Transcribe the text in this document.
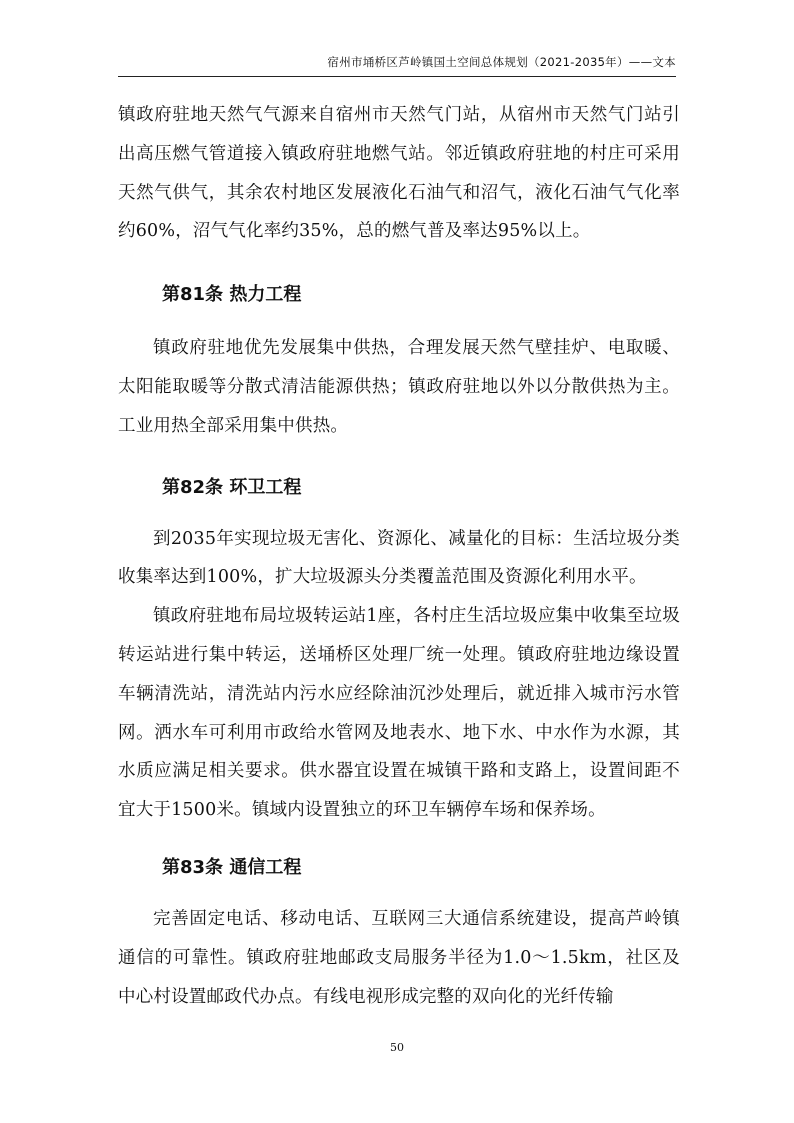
宿州市埇桥区芦岭镇国土空间总体规划（2021-2035年）——文本

镇政府驻地天然气气源来自宿州市天然气门站，从宿州市天然气门站引出高压燃气管道接入镇政府驻地燃气站。邻近镇政府驻地的村庄可采用天然气供气，其余农村地区发展液化石油气和沼气，液化石油气气化率约60%，沼气气化率约35%，总的燃气普及率达95%以上。

第81条 热力工程

镇政府驻地优先发展集中供热，合理发展天然气壁挂炉、电取暖、太阳能取暖等分散式清洁能源供热；镇政府驻地以外以分散供热为主。工业用热全部采用集中供热。

第82条 环卫工程

到2035年实现垃圾无害化、资源化、减量化的目标：生活垃圾分类收集率达到100%，扩大垃圾源头分类覆盖范围及资源化利用水平。

镇政府驻地布局垃圾转运站1座，各村庄生活垃圾应集中收集至垃圾转运站进行集中转运，送埇桥区处理厂统一处理。镇政府驻地边缘设置车辆清洗站，清洗站内污水应经除油沉沙处理后，就近排入城市污水管网。洒水车可利用市政给水管网及地表水、地下水、中水作为水源，其水质应满足相关要求。供水器宜设置在城镇干路和支路上，设置间距不宜大于1500米。镇域内设置独立的环卫车辆停车场和保养场。

第83条 通信工程

完善固定电话、移动电话、互联网三大通信系统建设，提高芦岭镇通信的可靠性。镇政府驻地邮政支局服务半径为1.0～1.5km，社区及中心村设置邮政代办点。有线电视形成完整的双向化的光纤传输

50
